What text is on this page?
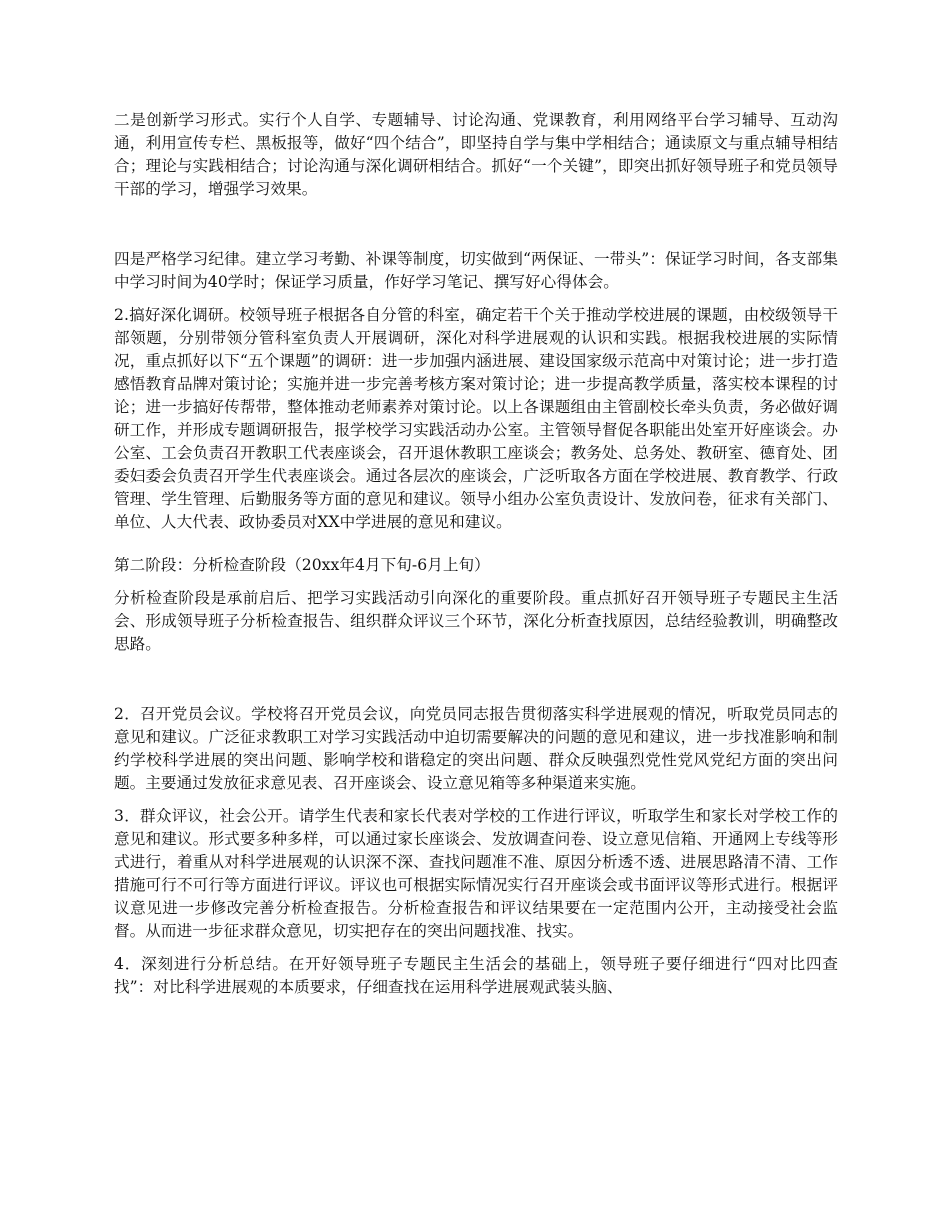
二是创新学习形式。实行个人自学、专题辅导、讨论沟通、党课教育，利用网络平台学习辅导、互动沟通，利用宣传专栏、黑板报等，做好“四个结合”，即坚持自学与集中学相结合；通读原文与重点辅导相结合；理论与实践相结合；讨论沟通与深化调研相结合。抓好“一个关键”，即突出抓好领导班子和党员领导干部的学习，增强学习效果。

四是严格学习纪律。建立学习考勤、补课等制度，切实做到“两保证、一带头”：保证学习时间，各支部集中学习时间为40学时；保证学习质量，作好学习笔记、撰写好心得体会。

2.搞好深化调研。校领导班子根据各自分管的科室，确定若干个关于推动学校进展的课题，由校级领导干部领题，分别带领分管科室负责人开展调研，深化对科学进展观的认识和实践。根据我校进展的实际情况，重点抓好以下“五个课题”的调研：进一步加强内涵进展、建设国家级示范高中对策讨论；进一步打造感悟教育品牌对策讨论；实施并进一步完善考核方案对策讨论；进一步提高教学质量，落实校本课程的讨论；进一步搞好传帮带，整体推动老师素养对策讨论。以上各课题组由主管副校长牵头负责，务必做好调研工作，并形成专题调研报告，报学校学习实践活动办公室。主管领导督促各职能出处室开好座谈会。办公室、工会负责召开教职工代表座谈会，召开退休教职工座谈会；教务处、总务处、教研室、德育处、团委妇委会负责召开学生代表座谈会。通过各层次的座谈会，广泛听取各方面在学校进展、教育教学、行政管理、学生管理、后勤服务等方面的意见和建议。领导小组办公室负责设计、发放问卷，征求有关部门、单位、人大代表、政协委员对XX中学进展的意见和建议。

第二阶段：分析检查阶段（20xx年4月下旬-6月上旬）

分析检查阶段是承前启后、把学习实践活动引向深化的重要阶段。重点抓好召开领导班子专题民主生活会、形成领导班子分析检查报告、组织群众评议三个环节，深化分析查找原因，总结经验教训，明确整改思路。

2．召开党员会议。学校将召开党员会议，向党员同志报告贯彻落实科学进展观的情况，听取党员同志的意见和建议。广泛征求教职工对学习实践活动中迫切需要解决的问题的意见和建议，进一步找准影响和制约学校科学进展的突出问题、影响学校和谐稳定的突出问题、群众反映强烈党性党风党纪方面的突出问题。主要通过发放征求意见表、召开座谈会、设立意见箱等多种渠道来实施。

3．群众评议，社会公开。请学生代表和家长代表对学校的工作进行评议，听取学生和家长对学校工作的意见和建议。形式要多种多样，可以通过家长座谈会、发放调查问卷、设立意见信箱、开通网上专线等形式进行，着重从对科学进展观的认识深不深、查找问题准不准、原因分析透不透、进展思路清不清、工作措施可行不可行等方面进行评议。评议也可根据实际情况实行召开座谈会或书面评议等形式进行。根据评议意见进一步修改完善分析检查报告。分析检查报告和评议结果要在一定范围内公开，主动接受社会监督。从而进一步征求群众意见，切实把存在的突出问题找准、找实。

4．深刻进行分析总结。在开好领导班子专题民主生活会的基础上，领导班子要仔细进行“四对比四查找”：对比科学进展观的本质要求，仔细查找在运用科学进展观武装头脑、
